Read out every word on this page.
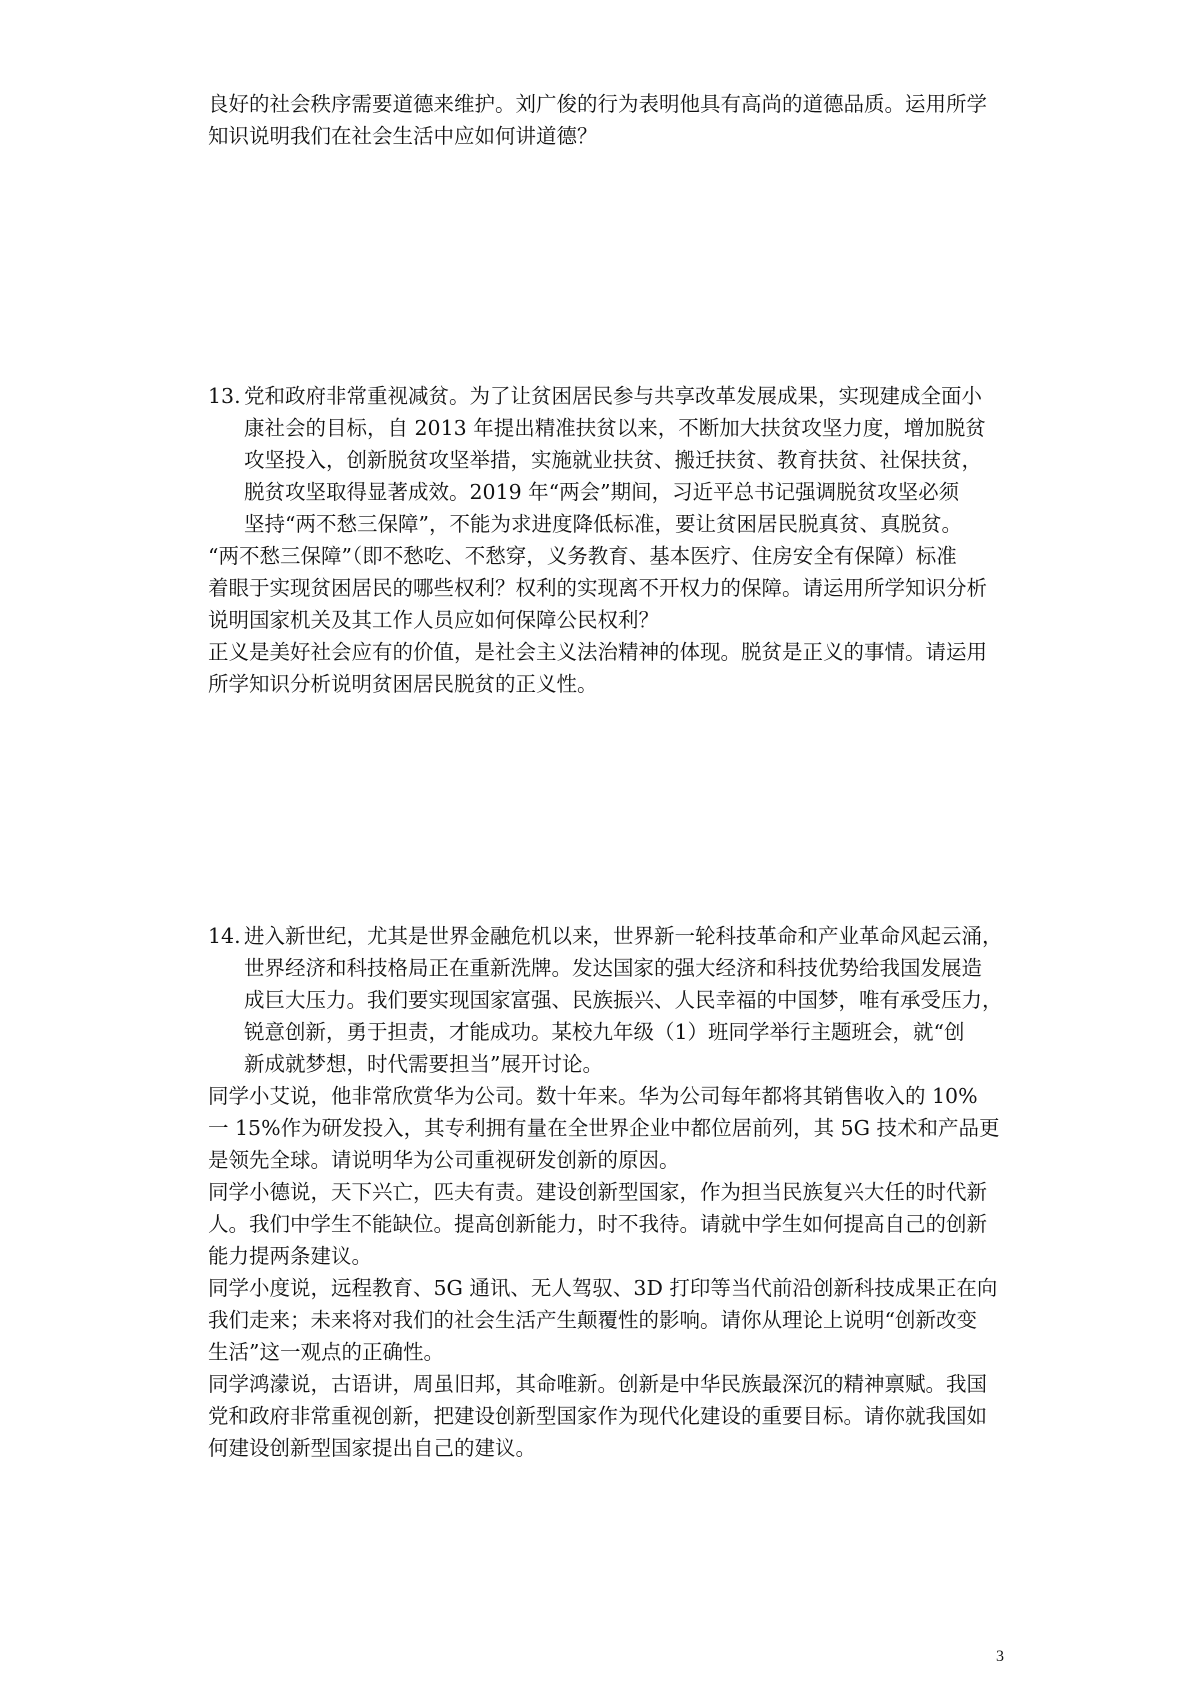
良好的社会秩序需要道德来维护。刘广俊的行为表明他具有高尚的道德品质。运用所学
知识说明我们在社会生活中应如何讲道德？
13. 党和政府非常重视减贫。为了让贫困居民参与共享改革发展成果，实现建成全面小
康社会的目标，自 2013 年提出精准扶贫以来，不断加大扶贫攻坚力度，增加脱贫
攻坚投入，创新脱贫攻坚举措，实施就业扶贫、搬迁扶贫、教育扶贫、社保扶贫，
脱贫攻坚取得显著成效。2019 年“两会”期间，习近平总书记强调脱贫攻坚必须
坚持“两不愁三保障”，不能为求进度降低标准，要让贫困居民脱真贫、真脱贫。
“两不愁三保障”（即不愁吃、不愁穿，义务教育、基本医疗、住房安全有保障）标准
着眼于实现贫困居民的哪些权利？权利的实现离不开权力的保障。请运用所学知识分析
说明国家机关及其工作人员应如何保障公民权利？
正义是美好社会应有的价值，是社会主义法治精神的体现。脱贫是正义的事情。请运用
所学知识分析说明贫困居民脱贫的正义性。
14. 进入新世纪，尤其是世界金融危机以来，世界新一轮科技革命和产业革命风起云涌，
世界经济和科技格局正在重新洗牌。发达国家的强大经济和科技优势给我国发展造
成巨大压力。我们要实现国家富强、民族振兴、人民幸福的中国梦，唯有承受压力，
锐意创新，勇于担责，才能成功。某校九年级（1）班同学举行主题班会，就“创
新成就梦想，时代需要担当”展开讨论。
同学小艾说，他非常欣赏华为公司。数十年来。华为公司每年都将其销售收入的 10%
一 15%作为研发投入，其专利拥有量在全世界企业中都位居前列，其 5G 技术和产品更
是领先全球。请说明华为公司重视研发创新的原因。
同学小德说，天下兴亡，匹夫有责。建设创新型国家，作为担当民族复兴大任的时代新
人。我们中学生不能缺位。提高创新能力，时不我待。请就中学生如何提高自己的创新
能力提两条建议。
同学小度说，远程教育、5G 通讯、无人驾驭、3D 打印等当代前沿创新科技成果正在向
我们走来；未来将对我们的社会生活产生颠覆性的影响。请你从理论上说明“创新改变
生活”这一观点的正确性。
同学鸿濛说，古语讲，周虽旧邦，其命唯新。创新是中华民族最深沉的精神禀赋。我国
党和政府非常重视创新，把建设创新型国家作为现代化建设的重要目标。请你就我国如
何建设创新型国家提出自己的建议。
3
